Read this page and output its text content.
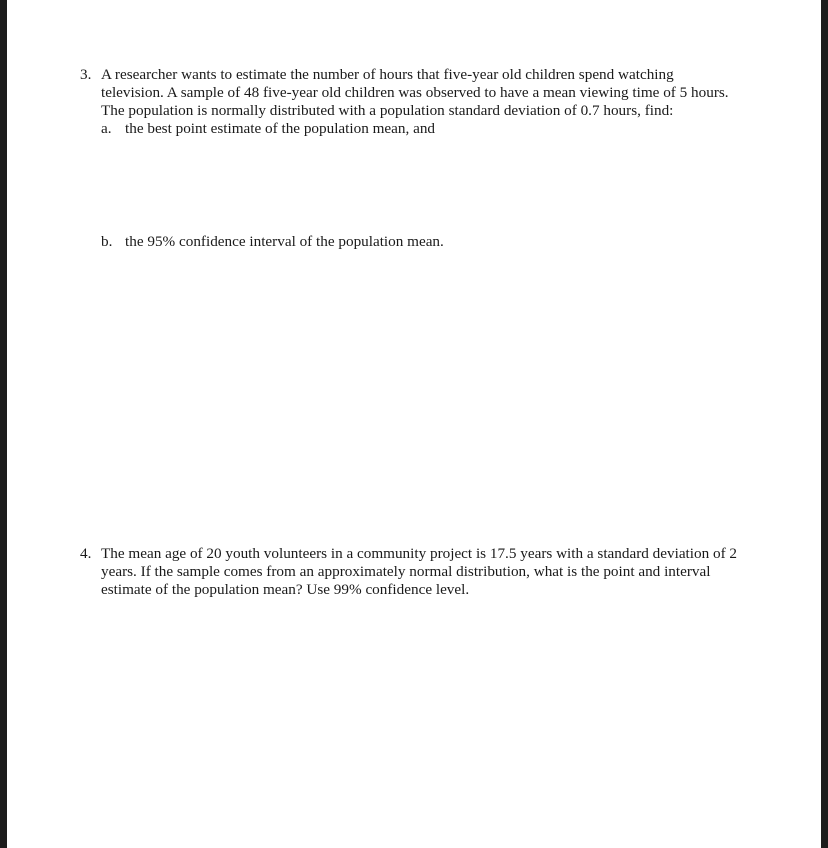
3. A researcher wants to estimate the number of hours that five-year old children spend watching
television. A sample of 48 five-year old children was observed to have a mean viewing time of 5 hours.
The population is normally distributed with a population standard deviation of 0.7 hours, find:
a. the best point estimate of the population mean, and
b. the 95% confidence interval of the population mean.
4. The mean age of 20 youth volunteers in a community project is 17.5 years with a standard deviation of 2
years. If the sample comes from an approximately normal distribution, what is the point and interval
estimate of the population mean? Use 99% confidence level.
